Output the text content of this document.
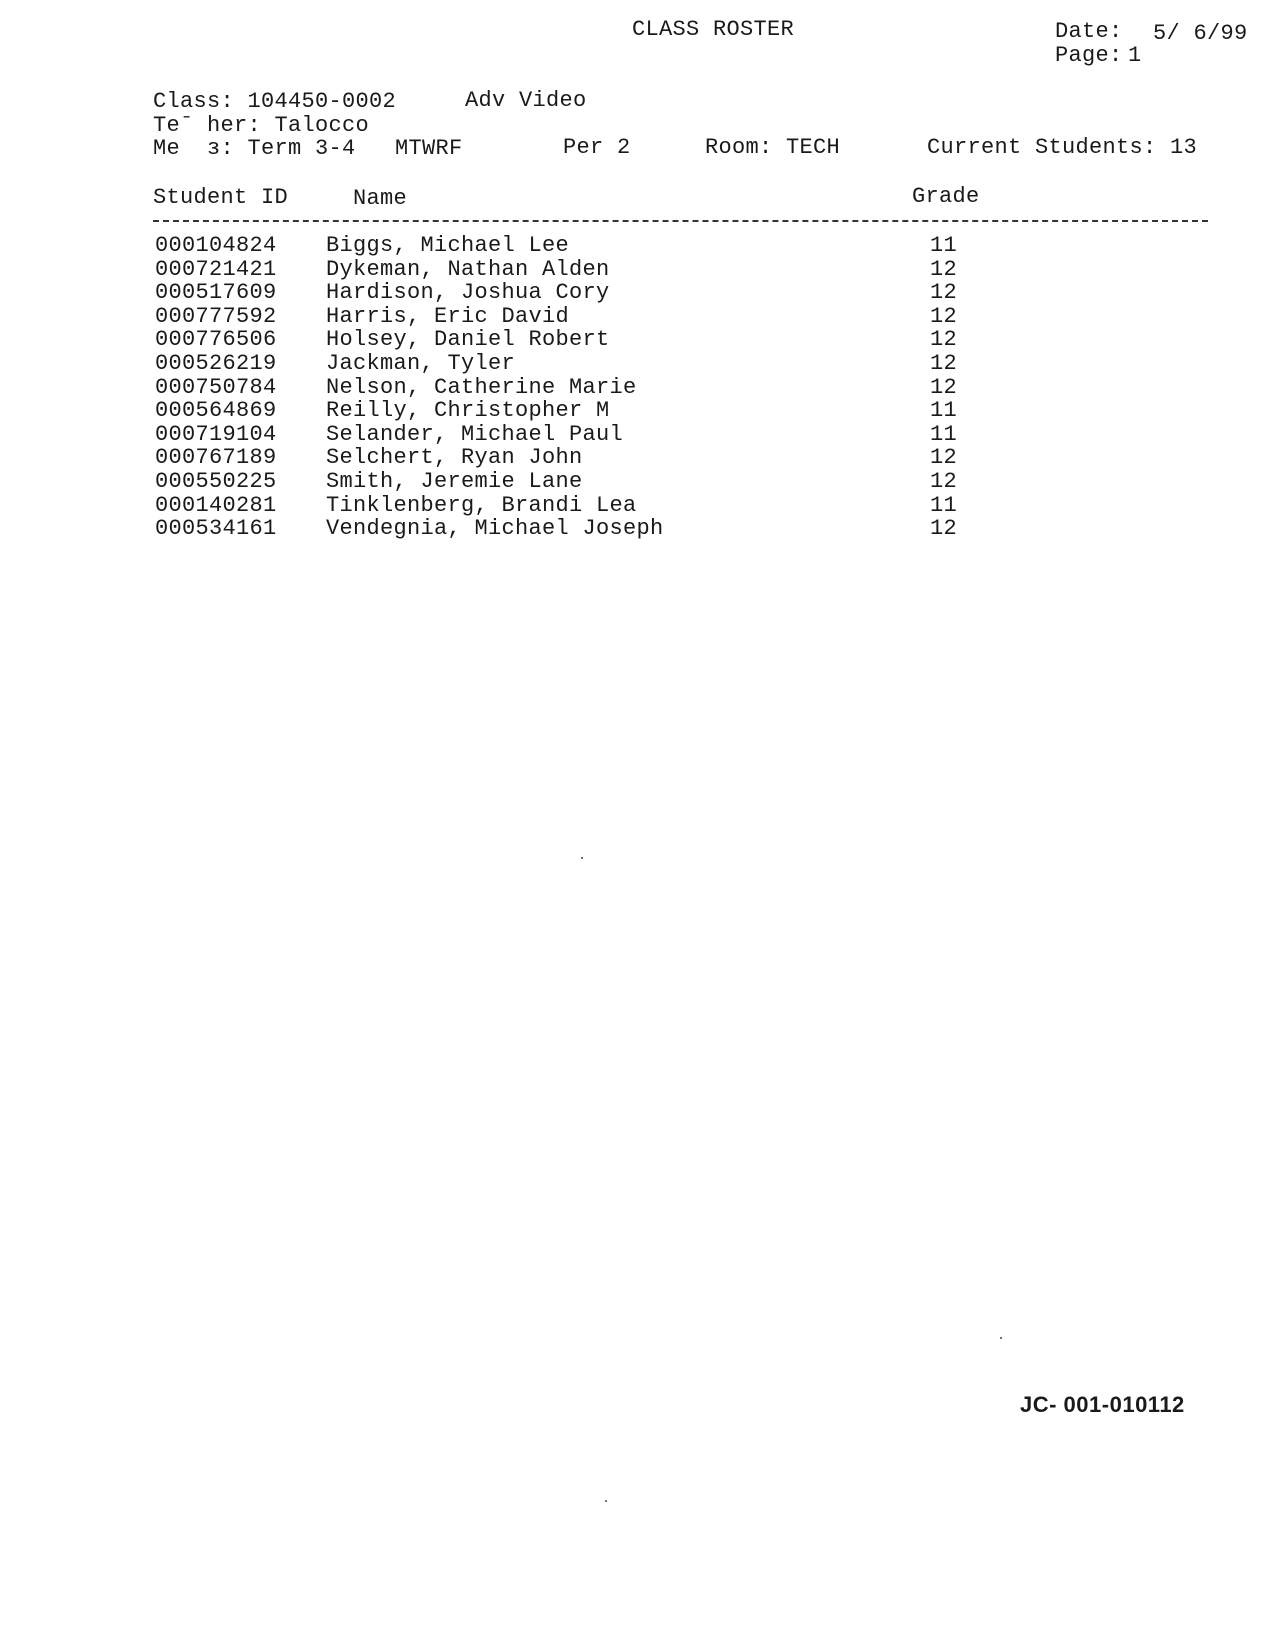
CLASS ROSTER	Date: 5/ 6/99
Page: 1
Class: 104450-0002	Adv Video
Teˉ her: Talocco
Me  з: Term 3-4 MTWRF	Per 2	Room: TECH	Current Students: 13
Student ID	Name	Grade
000104824 Biggs, Michael Lee	11
000721421 Dykeman, Nathan Alden	12
000517609 Hardison, Joshua Cory	12
000777592 Harris, Eric David	12
000776506 Holsey, Daniel Robert	12
000526219 Jackman, Tyler	12
000750784 Nelson, Catherine Marie	12
000564869 Reilly, Christopher M	11
000719104 Selander, Michael Paul	11
000767189 Selchert, Ryan John	12
000550225 Smith, Jeremie Lane	12
000140281 Tinklenberg, Brandi Lea	11
000534161 Vendegnia, Michael Joseph	12
JC- 001-010112
